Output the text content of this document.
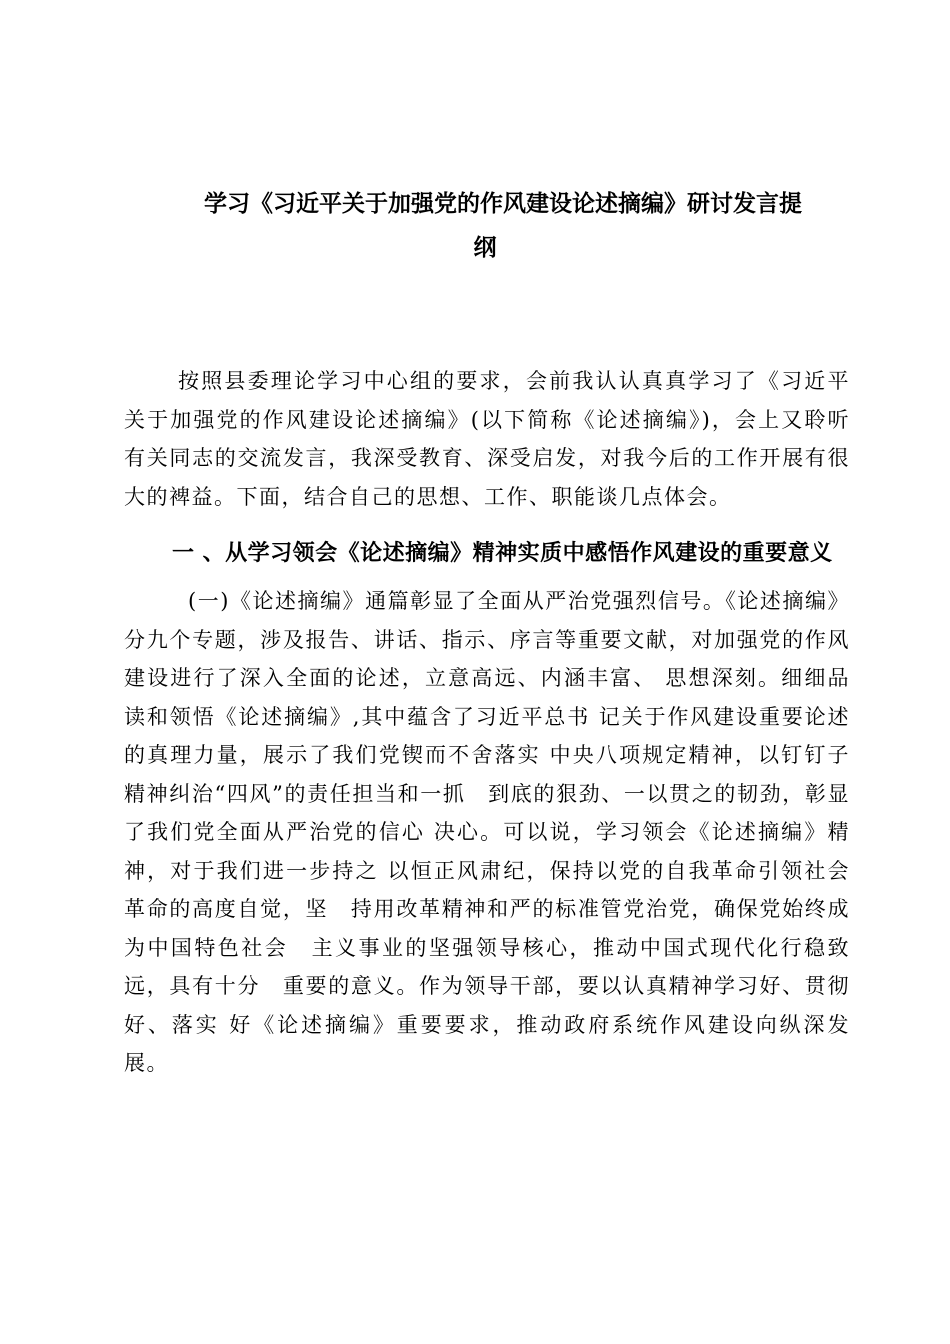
学习《习近平关于加强党的作风建设论述摘编》研讨发言提
纲

按照县委理论学习中心组的要求，会前我认认真真学习了《习近平关于加强党的作风建设论述摘编》(以下简称《论述摘编》)，会上又聆听有关同志的交流发言，我深受教育、深受启发，对我今后的工作开展有很大的裨益。下面，结合自己的思想、工作、职能谈几点体会。

一 、从学习领会《论述摘编》精神实质中感悟作风建设的重要意义

(一)《论述摘编》通篇彰显了全面从严治党强烈信号。《论述摘编》分九个专题，涉及报告、讲话、指示、序言等重要文献，对加强党的作风建设进行了深入全面的论述，立意高远、内涵丰富、 思想深刻。细细品读和领悟《论述摘编》,其中蕴含了习近平总书 记关于作风建设重要论述的真理力量，展示了我们党锲而不舍落实 中央八项规定精神，以钉钉子精神纠治“四风”的责任担当和一抓　到底的狠劲、一以贯之的韧劲，彰显了我们党全面从严治党的信心 决心。可以说，学习领会《论述摘编》精神，对于我们进一步持之 以恒正风肃纪，保持以党的自我革命引领社会革命的高度自觉，坚　持用改革精神和严的标准管党治党，确保党始终成为中国特色社会　主义事业的坚强领导核心，推动中国式现代化行稳致远，具有十分　重要的意义。作为领导干部，要以认真精神学习好、贯彻好、落实 好《论述摘编》重要要求，推动政府系统作风建设向纵深发展。
